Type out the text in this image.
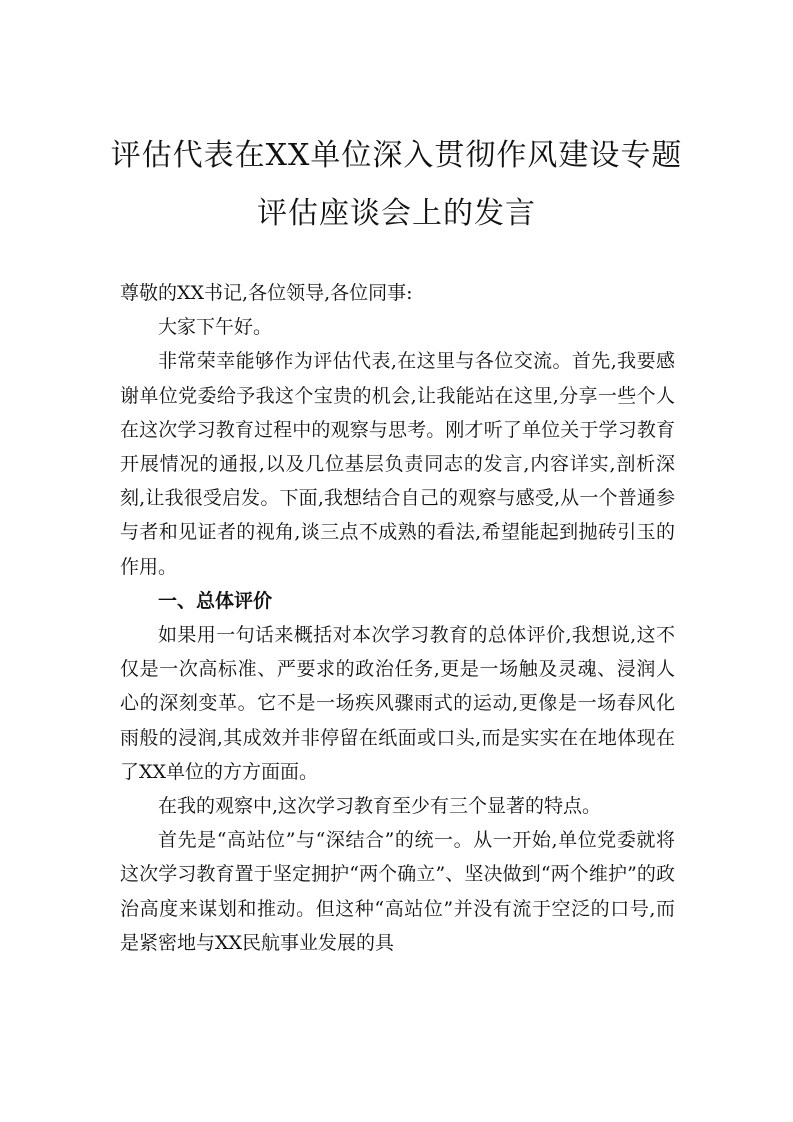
评估代表在XX单位深入贯彻作风建设专题
评估座谈会上的发言

尊敬的XX书记,各位领导,各位同事:

大家下午好。

非常荣幸能够作为评估代表,在这里与各位交流。首先,我要感谢单位党委给予我这个宝贵的机会,让我能站在这里,分享一些个人在这次学习教育过程中的观察与思考。刚才听了单位关于学习教育开展情况的通报,以及几位基层负责同志的发言,内容详实,剖析深刻,让我很受启发。下面,我想结合自己的观察与感受,从一个普通参与者和见证者的视角,谈三点不成熟的看法,希望能起到抛砖引玉的作用。

一、总体评价

如果用一句话来概括对本次学习教育的总体评价,我想说,这不仅是一次高标准、严要求的政治任务,更是一场触及灵魂、浸润人心的深刻变革。它不是一场疾风骤雨式的运动,更像是一场春风化雨般的浸润,其成效并非停留在纸面或口头,而是实实在在地体现在了XX单位的方方面面。

在我的观察中,这次学习教育至少有三个显著的特点。

首先是“高站位”与“深结合”的统一。从一开始,单位党委就将这次学习教育置于坚定拥护“两个确立”、坚决做到“两个维护”的政治高度来谋划和推动。但这种“高站位”并没有流于空泛的口号,而是紧密地与XX民航事业发展的具
